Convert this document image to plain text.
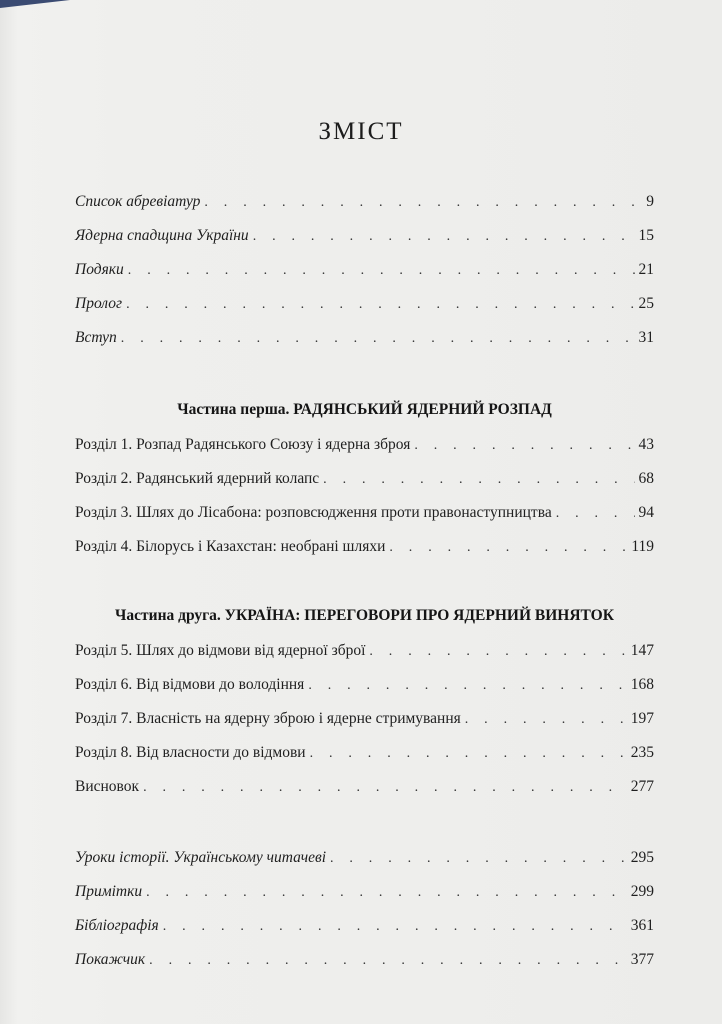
ЗМІСТ
Список абревіатур . . .	9
Ядерна спадщина України . . .	15
Подяки . . .	21
Пролог . . .	25
Вступ . . .	31
Частина перша. РАДЯНСЬКИЙ ЯДЕРНИЙ РОЗПАД
Розділ 1. Розпад Радянського Союзу і ядерна зброя . . .	43
Розділ 2. Радянський ядерний колапс . . .	68
Розділ 3. Шлях до Лісабона: розповсюдження проти правонаступництва . . .	94
Розділ 4. Білорусь і Казахстан: необрані шляхи . . .	119
Частина друга. УКРАЇНА: ПЕРЕГОВОРИ ПРО ЯДЕРНИЙ ВИНЯТОК
Розділ 5. Шлях до відмови від ядерної зброї . . .	147
Розділ 6. Від відмови до володіння . . .	168
Розділ 7. Власність на ядерну зброю і ядерне стримування . . .	197
Розділ 8. Від власности до відмови . . .	235
Висновок . . .	277
Уроки історії. Українському читачеві . . .	295
Примітки . . .	299
Бібліографія . . .	361
Покажчик . . .	377
